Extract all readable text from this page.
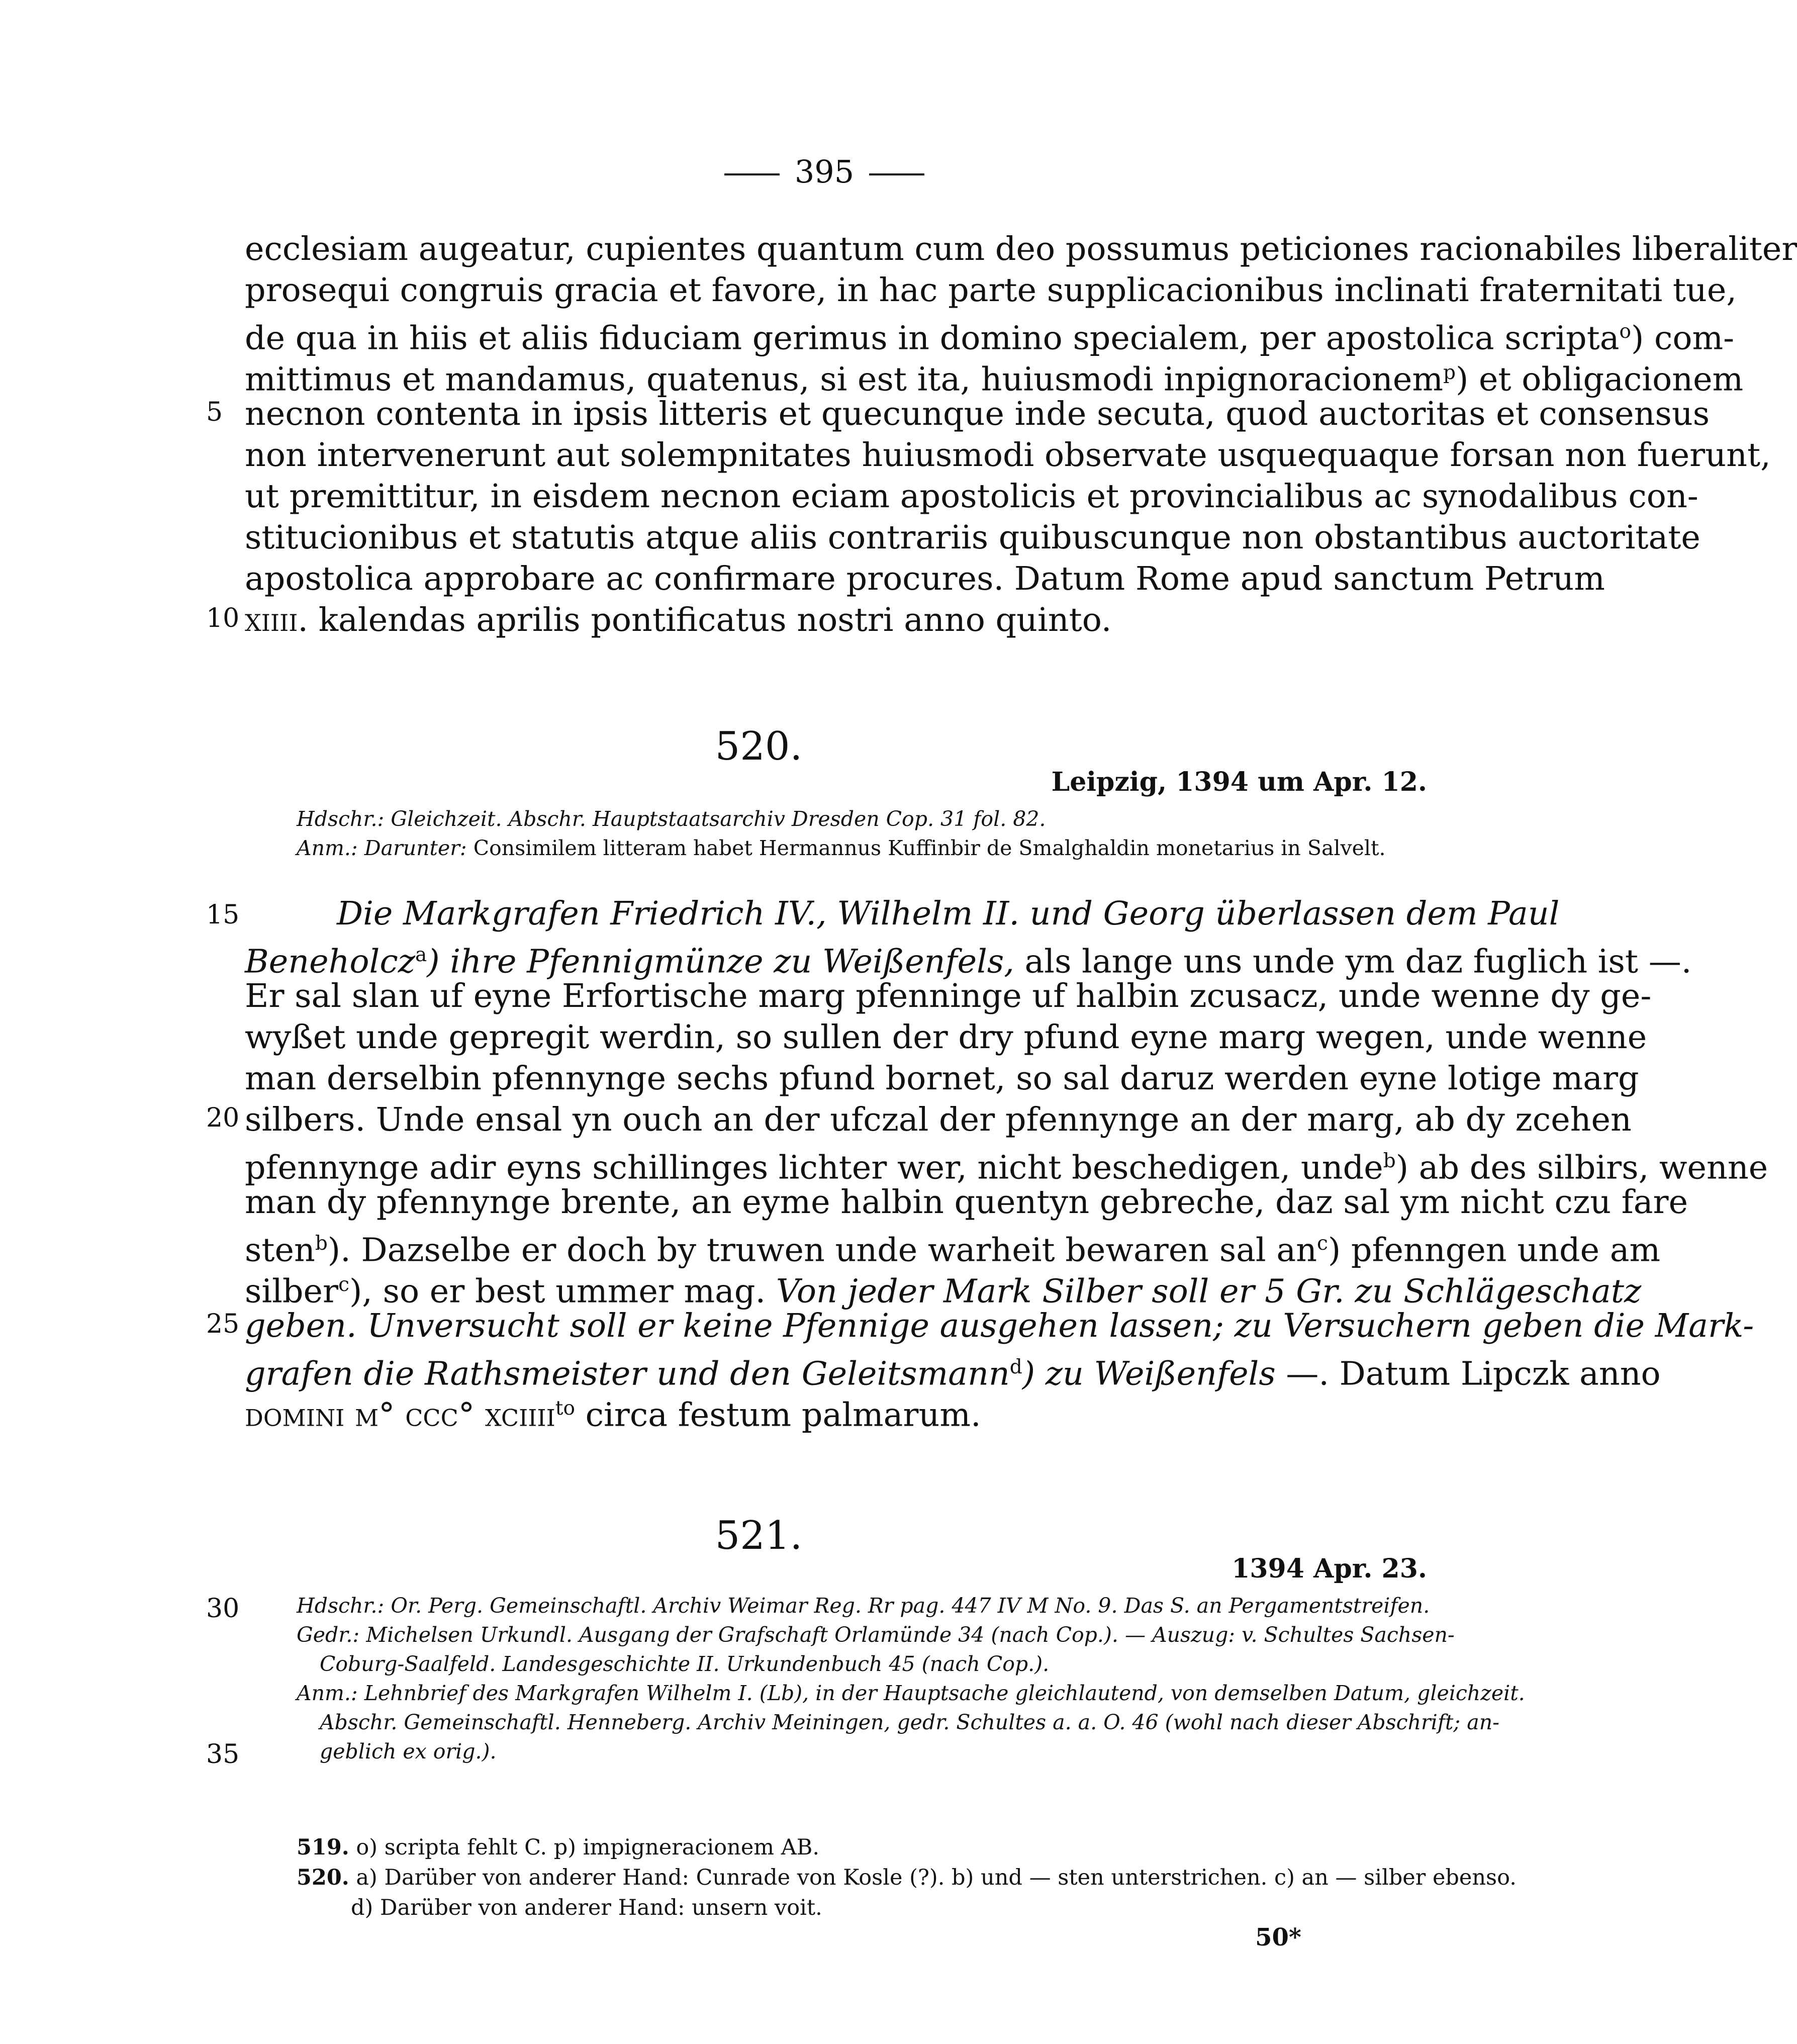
395
ecclesiam augeatur, cupientes quantum cum deo possumus peticiones racionabiles liberaliter
prosequi congruis gracia et favore, in hac parte supplicacionibus inclinati fraternitati tue,
de qua in hiis et aliis fiduciam gerimus in domino specialem, per apostolica scripta$^o$) com-
mittimus et mandamus, quatenus, si est ita, huiusmodi inpignoracionem$^p$) et obligacionem
5 necnon contenta in ipsis litteris et quecunque inde secuta, quod auctoritas et consensus
non intervenerunt aut solempnitates huiusmodi observate usquequaque forsan non fuerunt,
ut premittitur, in eisdem necnon eciam apostolicis et provincialibus ac synodalibus con-
stitucionibus et statutis atque aliis contrariis quibuscunque non obstantibus auctoritate
apostolica approbare ac confirmare procures. Datum Rome apud sanctum Petrum
10 xiiii. kalendas aprilis pontificatus nostri anno quinto.
520.
Leipzig, 1394 um Apr. 12.
Hdschr.: Gleichzeit. Abschr. Hauptstaatsarchiv Dresden Cop. 31 fol. 82.
Anm.: Darunter: Consimilem litteram habet Hermannus Kuffinbir de Smalghaldin monetarius in Salvelt.
15	Die Markgrafen Friedrich IV., Wilhelm II. und Georg überlassen dem Paul
Beneholcz$^a$) ihre Pfennigmünze zu Weißenfels, als lange uns unde ym daz fuglich ist —.
Er sal slan uf eyne Erfortische marg pfenninge uf halbin zcusacz, unde wenne dy ge-
wyßet unde gepregit werdin, so sullen der dry pfund eyne marg wegen, unde wenne
man derselbin pfennynge sechs pfund bornet, so sal daruz werden eyne lotige marg
20 silbers. Unde ensal yn ouch an der ufczal der pfennynge an der marg, ab dy zcehen
pfennynge adir eyns schillinges lichter wer, nicht beschedigen, unde$^b$) ab des silbirs, wenne
man dy pfennynge brente, an eyme halbin quentyn gebreche, daz sal ym nicht czu fare
sten$^b$). Dazselbe er doch by truwen unde warheit bewaren sal $an^c$) pfenngen unde am
silber$^c$), so er best ummer mag. Von jeder Mark Silber soll er 5 Gr. zu Schlägeschatz
25 geben. Unversucht soll er keine Pfennige ausgehen lassen; zu Versuchern geben die Mark-
grafen die Rathsmeister und den Geleitsmann$^d$) zu Weißenfels —. Datum Lipczk anno
domini m° ccc° xciiii$^{to}$ circa festum palmarum.
521.
1394 Apr. 23.
30	Hdschr.: Or. Perg. Gemeinschaftl. Archiv Weimar Reg. Rr pag. 447 IV M No. 9. Das S. an Pergamentstreifen.
Gedr.: Michelsen Urkundl. Ausgang der Grafschaft Orlamünde 34 (nach Cop.). — Auszug: v. Schultes Sachsen-
Coburg-Saalfeld. Landesgeschichte II. Urkundenbuch 45 (nach Cop.).
Anm.: Lehnbrief des Markgrafen Wilhelm I. (Lb), in der Hauptsache gleichlautend, von demselben Datum, gleichzeit.
Abschr. Gemeinschaftl. Henneberg. Archiv Meiningen, gedr. Schultes a. a. O. 46 (wohl nach dieser Abschrift; an-
35	geblich ex orig.).
519. o) scripta fehlt C. p) impigneracionem AB.
520. a) Darüber von anderer Hand: Cunrade von Kosle (?). b) und — sten unterstrichen. c) an — silber ebenso.
d) Darüber von anderer Hand: unsern voit.
50*
